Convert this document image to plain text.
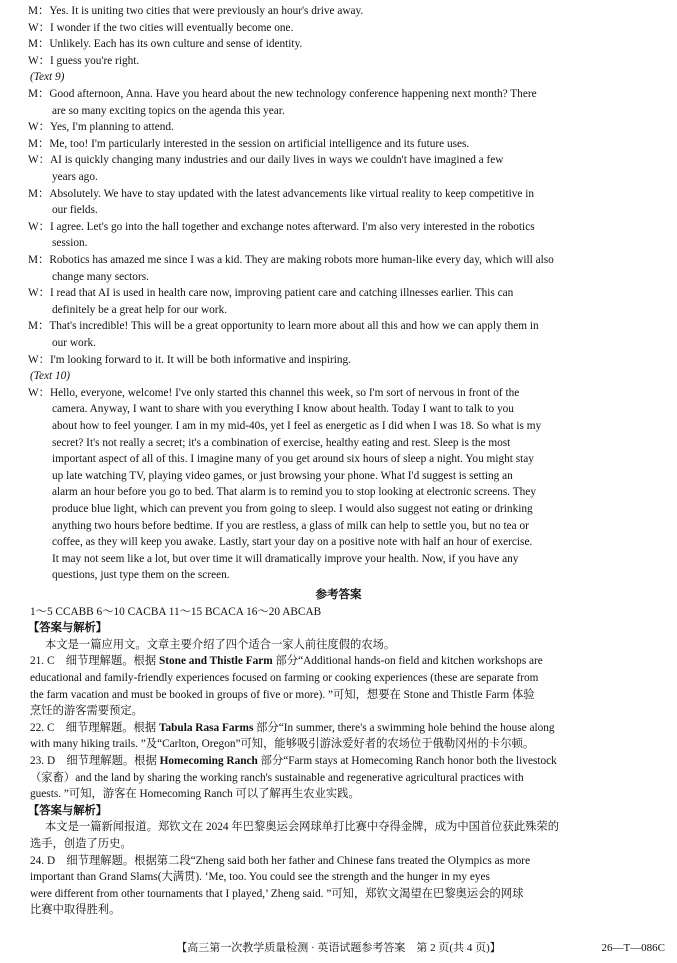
M：Yes. It is uniting two cities that were previously an hour's drive away.
W：I wonder if the two cities will eventually become one.
M：Unlikely. Each has its own culture and sense of identity.
W：I guess you're right.
(Text 9)
M：Good afternoon, Anna. Have you heard about the new technology conference happening next month? There
are so many exciting topics on the agenda this year.
W：Yes, I'm planning to attend.
M：Me, too! I'm particularly interested in the session on artificial intelligence and its future uses.
W：AI is quickly changing many industries and our daily lives in ways we couldn't have imagined a few
years ago.
M：Absolutely. We have to stay updated with the latest advancements like virtual reality to keep competitive in
our fields.
W：I agree. Let's go into the hall together and exchange notes afterward. I'm also very interested in the robotics
session.
M：Robotics has amazed me since I was a kid. They are making robots more human-like every day, which will also
change many sectors.
W：I read that AI is used in health care now, improving patient care and catching illnesses earlier. This can
definitely be a great help for our work.
M：That's incredible! This will be a great opportunity to learn more about all this and how we can apply them in
our work.
W：I'm looking forward to it. It will be both informative and inspiring.
(Text 10)
W：Hello, everyone, welcome! I've only started this channel this week, so I'm sort of nervous in front of the
camera. Anyway, I want to share with you everything I know about health. Today I want to talk to you
about how to feel younger. I am in my mid-40s, yet I feel as energetic as I did when I was 18. So what is my
secret? It's not really a secret; it's a combination of exercise, healthy eating and rest. Sleep is the most
important aspect of all of this. I imagine many of you get around six hours of sleep a night. You might stay
up late watching TV, playing video games, or just browsing your phone. What I'd suggest is setting an
alarm an hour before you go to bed. That alarm is to remind you to stop looking at electronic screens. They
produce blue light, which can prevent you from going to sleep. I would also suggest not eating or drinking
anything two hours before bedtime. If you are restless, a glass of milk can help to settle you, but no tea or
coffee, as they will keep you awake. Lastly, start your day on a positive note with half an hour of exercise.
It may not seem like a lot, but over time it will dramatically improve your health. Now, if you have any
questions, just type them on the screen.
参考答案
1～5 CCABB 6～10 CACBA 11～15 BCACA 16～20 ABCAB
【答案与解析】
本文是一篇应用文。文章主要介绍了四个适合一家人前往度假的农场。
21. C　细节理解题。根据 Stone and Thistle Farm 部分“Additional hands-on field and kitchen workshops are
educational and family-friendly experiences focused on farming or cooking experiences (these are separate from
the farm vacation and must be booked in groups of five or more). ”可知，想要在 Stone and Thistle Farm 体验
烹饪的游客需要预定。
22. C　细节理解题。根据 Tabula Rasa Farms 部分“In summer, there's a swimming hole behind the house along
with many hiking trails. ”及“Carlton, Oregon”可知，能够吸引游泳爱好者的农场位于俄勒冈州的卡尔顿。
23. D　细节理解题。根据 Homecoming Ranch 部分“Farm stays at Homecoming Ranch honor both the livestock
（家畜）and the land by sharing the working ranch's sustainable and regenerative agricultural practices with
guests. ”可知，游客在 Homecoming Ranch 可以了解再生农业实践。
【答案与解析】
本文是一篇新闻报道。郑钦文在 2024 年巴黎奥运会网球单打比赛中夺得金牌，成为中国首位获此殊荣的
选手，创造了历史。
24. D　细节理解题。根据第二段“Zheng said both her father and Chinese fans treated the Olympics as more
important than Grand Slams(大满贯). ‘Me, too. You could see the strength and the hunger in my eyes
were different from other tournaments that I played,’ Zheng said. ”可知，郑钦文渴望在巴黎奥运会的网球
比赛中取得胜利。
【高三第一次教学质量检测 · 英语试题参考答案　第 2 页(共 4 页)】	26—T—086C
